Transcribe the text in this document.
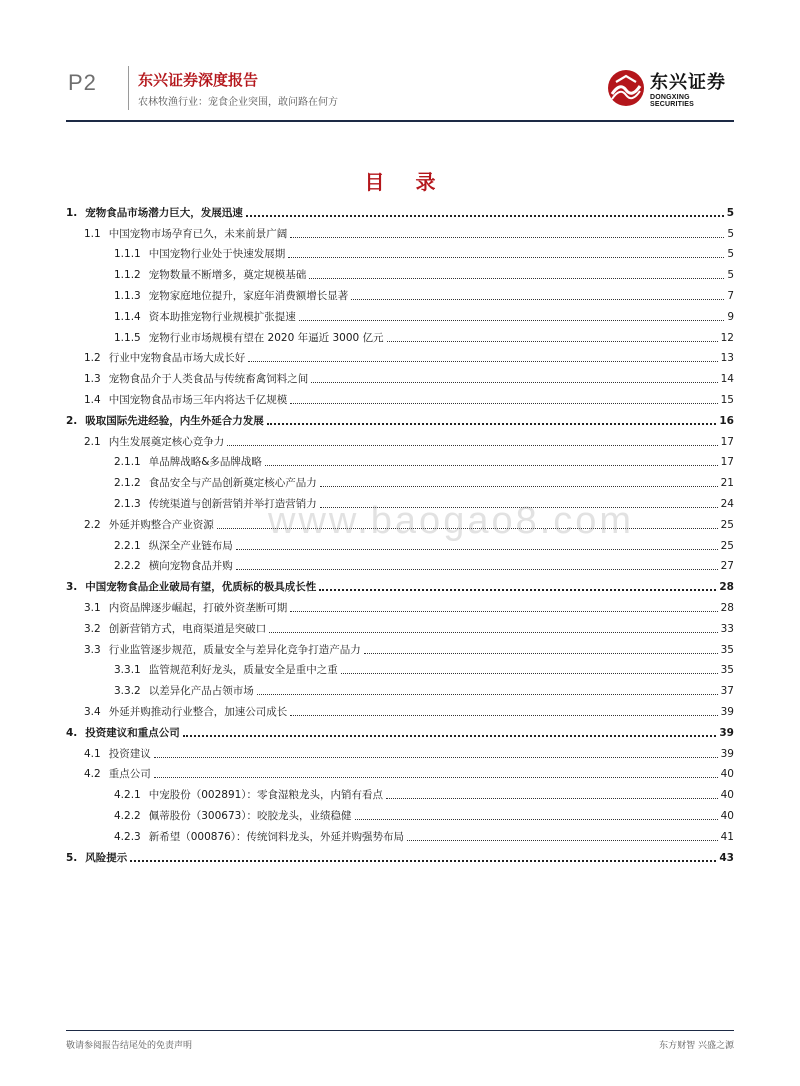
P2	东兴证券深度报告
农林牧渔行业：宠食企业突围，敢问路在何方
东兴证券
DONGXING SECURITIES
目 录
1. 宠物食品市场潜力巨大，发展迅速	5
1.1 中国宠物市场孕育已久，未来前景广阔	5
1.1.1 中国宠物行业处于快速发展期	5
1.1.2 宠物数量不断增多，奠定规模基础	5
1.1.3 宠物家庭地位提升，家庭年消费额增长显著	7
1.1.4 资本助推宠物行业规模扩张提速	9
1.1.5 宠物行业市场规模有望在 2020 年逼近 3000 亿元	12
1.2 行业中宠物食品市场大成长好	13
1.3 宠物食品介于人类食品与传统畜禽饲料之间	14
1.4 中国宠物食品市场三年内将达千亿规模	15
2. 吸取国际先进经验，内生外延合力发展	16
2.1 内生发展奠定核心竞争力	17
2.1.1 单品牌战略&多品牌战略	17
2.1.2 食品安全与产品创新奠定核心产品力	21
2.1.3 传统渠道与创新营销并举打造营销力	24
2.2 外延并购整合产业资源	25
2.2.1 纵深全产业链布局	25
2.2.2 横向宠物食品并购	27
3. 中国宠物食品企业破局有望，优质标的极具成长性	28
3.1 内资品牌逐步崛起，打破外资垄断可期	28
3.2 创新营销方式，电商渠道是突破口	33
3.3 行业监管逐步规范，质量安全与差异化竞争打造产品力	35
3.3.1 监管规范利好龙头，质量安全是重中之重	35
3.3.2 以差异化产品占领市场	37
3.4 外延并购推动行业整合，加速公司成长	39
4. 投资建议和重点公司	39
4.1 投资建议	39
4.2 重点公司	40
4.2.1 中宠股份（002891）：零食湿粮龙头，内销有看点	40
4.2.2 佩蒂股份（300673）：咬胶龙头，业绩稳健	40
4.2.3 新希望（000876）：传统饲料龙头，外延并购强势布局	41
5. 风险提示	43
www.baogao8.com
敬请参阅报告结尾处的免责声明	东方财智 兴盛之源
